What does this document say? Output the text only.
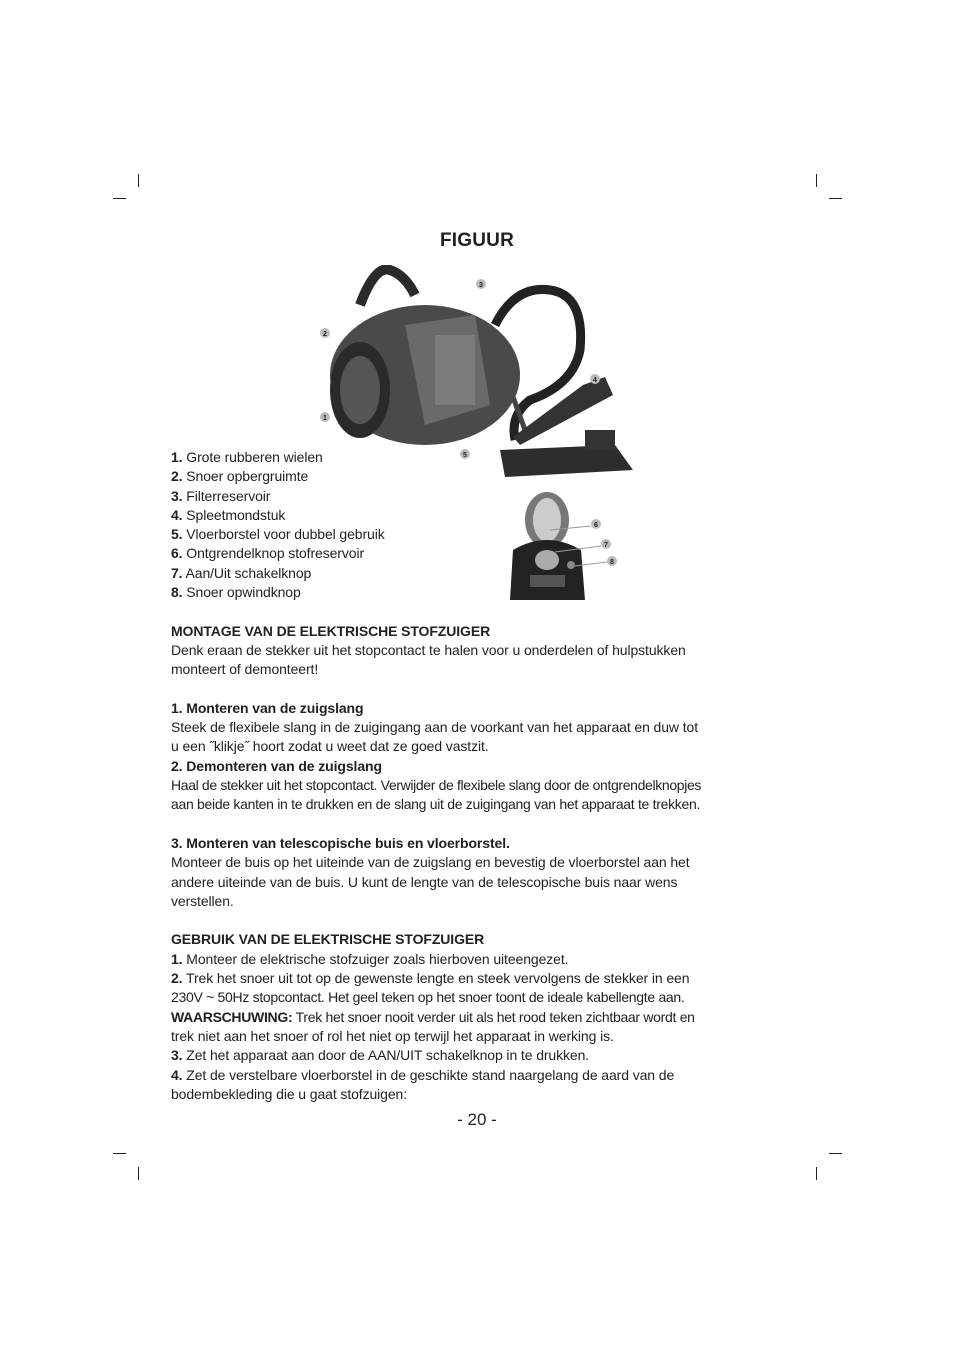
FIGUUR
1
2
3
4
5
6
7
8
1. Grote rubberen wielen
2. Snoer opbergruimte
3. Filterreservoir
4. Spleetmondstuk
5. Vloerborstel voor dubbel gebruik
6. Ontgrendelknop stofreservoir
7. Aan/Uit schakelknop
8. Snoer opwindknop
MONTAGE VAN DE ELEKTRISCHE STOFZUIGER
Denk eraan de stekker uit het stopcontact te halen voor u onderdelen of hulpstukken
monteert of demonteert!
1. Monteren van de zuigslang
Steek de flexibele slang in de zuigingang aan de voorkant van het apparaat en duw tot
u een ˝klikje˝ hoort zodat u weet dat ze goed vastzit.
2. Demonteren van de zuigslang
Haal de stekker uit het stopcontact. Verwijder de flexibele slang door de ontgrendelknopjes
aan beide kanten in te drukken en de slang uit de zuigingang van het apparaat te trekken.
3. Monteren van telescopische buis en vloerborstel.
Monteer de buis op het uiteinde van de zuigslang en bevestig de vloerborstel aan het
andere uiteinde van de buis. U kunt de lengte van de telescopische buis naar wens
verstellen.
GEBRUIK VAN DE ELEKTRISCHE STOFZUIGER
1. Monteer de elektrische stofzuiger zoals hierboven uiteengezet.
2. Trek het snoer uit tot op de gewenste lengte en steek vervolgens de stekker in een
230V ~ 50Hz stopcontact. Het geel teken op het snoer toont de ideale kabellengte aan.
WAARSCHUWING: Trek het snoer nooit verder uit als het rood teken zichtbaar wordt en
trek niet aan het snoer of rol het niet op terwijl het apparaat in werking is.
3. Zet het apparaat aan door de AAN/UIT schakelknop in te drukken.
4. Zet de verstelbare vloerborstel in de geschikte stand naargelang de aard van de
bodembekleding die u gaat stofzuigen:
- 20 -
